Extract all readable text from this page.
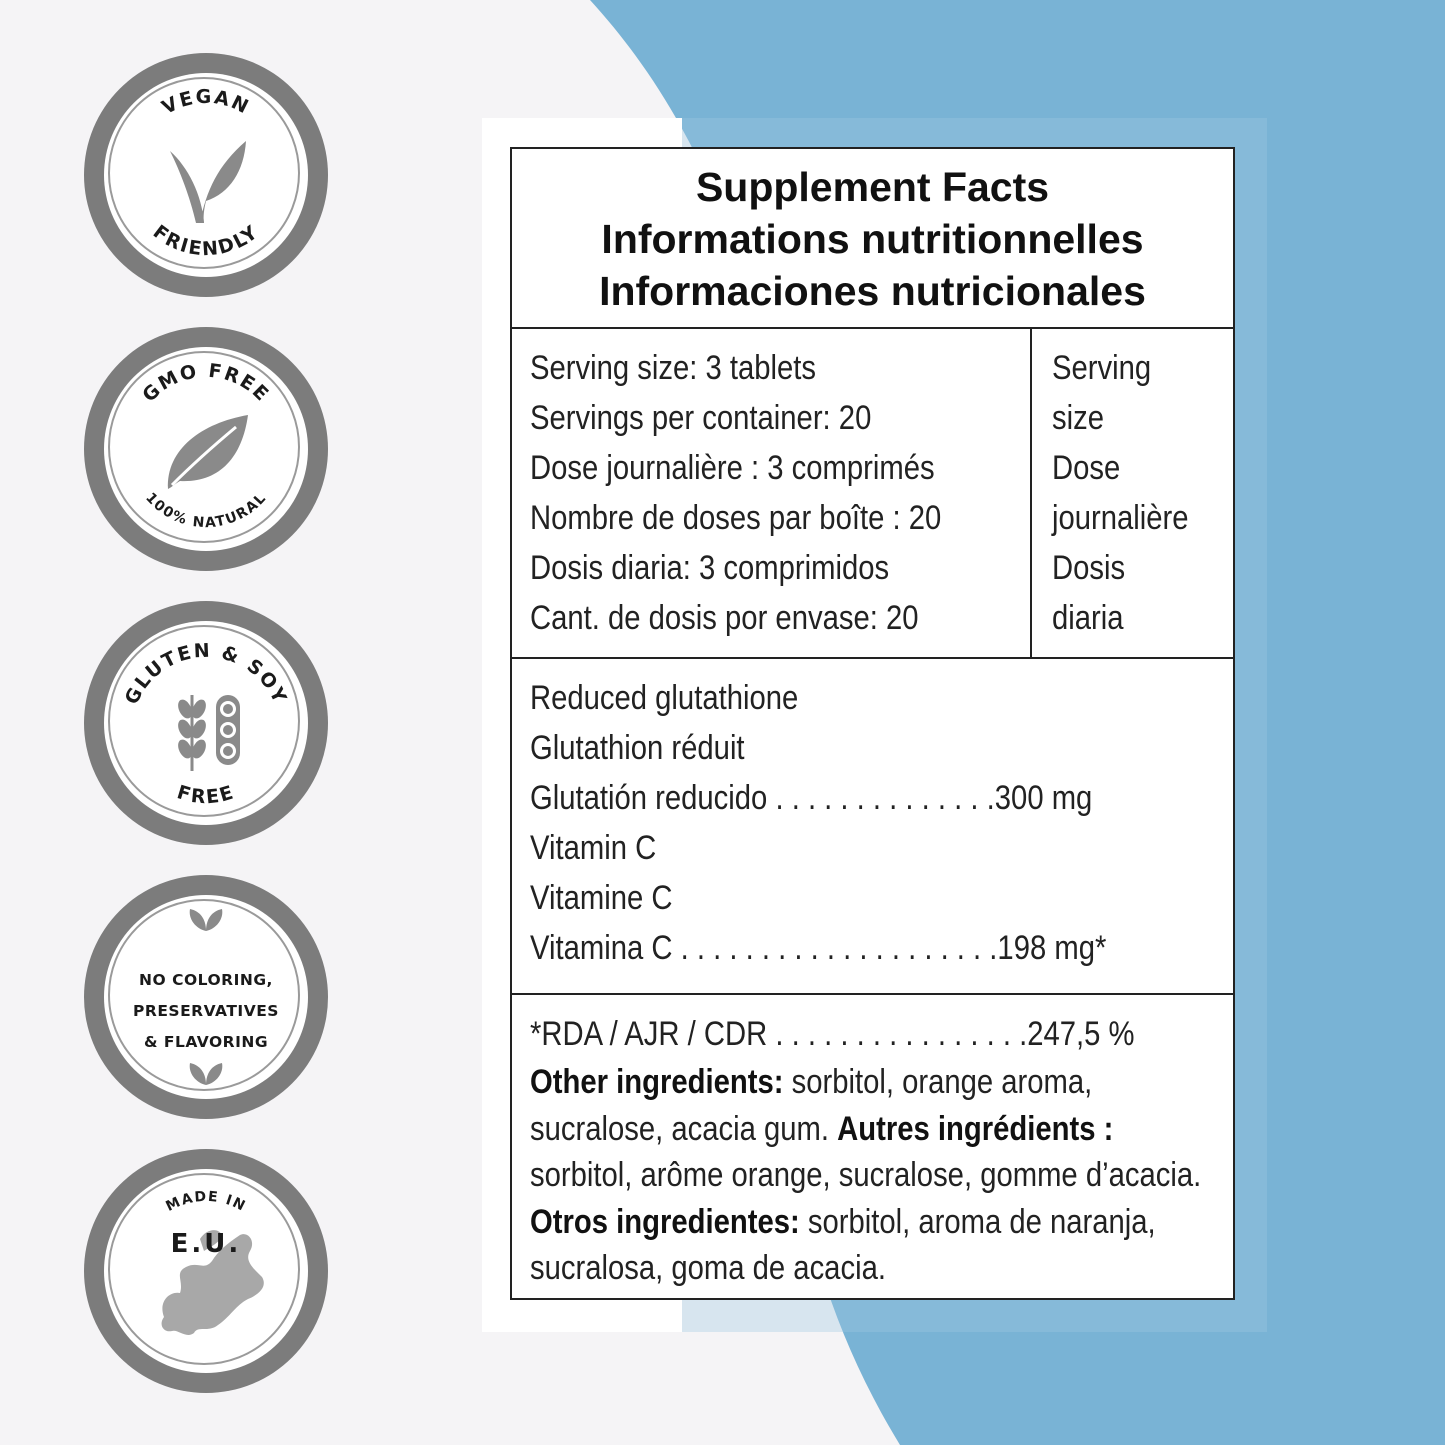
VEGAN
FRIENDLY
GMO FREE
100% NATURAL
GLUTEN & SOY
FREE
NO COLORING,
PRESERVATIVES
& FLAVORING
MADE IN
E.U.
Supplement Facts
Informations nutritionnelles
Informaciones nutricionales
Serving size: 3 tablets
Servings per container: 20
Dose journalière : 3 comprimés
Nombre de doses par boîte : 20
Dosis diaria: 3 comprimidos
Cant. de dosis por envase: 20
Serving
size
Dose
journalière
Dosis
diaria
Reduced glutathione
Glutathion réduit
Glutatión reducido . . . . . . . . . . . . . .300 mg
Vitamin C
Vitamine C
Vitamina C . . . . . . . . . . . . . . . . . . . .198 mg*
*RDA / AJR / CDR . . . . . . . . . . . . . . . .247,5 %
Other ingredients: sorbitol, orange aroma, sucralose, acacia gum. Autres ingrédients : sorbitol, arôme orange, sucralose, gomme d’acacia. Otros ingredientes: sorbitol, aroma de naranja, sucralosa, goma de acacia.
